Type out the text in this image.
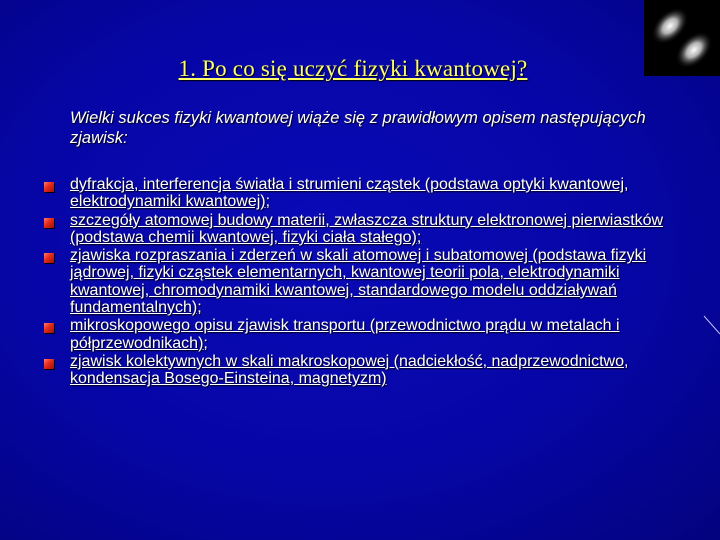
1. Po co się uczyć fizyki kwantowej?
Wielki sukces fizyki kwantowej wiąże się z prawidłowym opisem następujących zjawisk:
dyfrakcja, interferencja światła i strumieni cząstek (podstawa optyki kwantowej, elektrodynamiki kwantowej);
szczegóły atomowej budowy materii, zwłaszcza struktury elektronowej pierwiastków (podstawa chemii kwantowej, fizyki ciała stałego);
zjawiska rozpraszania i zderzeń w skali atomowej i subatomowej (podstawa fizyki jądrowej, fizyki cząstek elementarnych, kwantowej teorii pola, elektrodynamiki kwantowej, chromodynamiki kwantowej, standardowego modelu oddziaływań fundamentalnych);
mikroskopowego opisu zjawisk transportu (przewodnictwo prądu w metalach i półprzewodnikach);
zjawisk kolektywnych w skali makroskopowej (nadciekłość, nadprzewodnictwo, kondensacja Bosego-Einsteina, magnetyzm)
